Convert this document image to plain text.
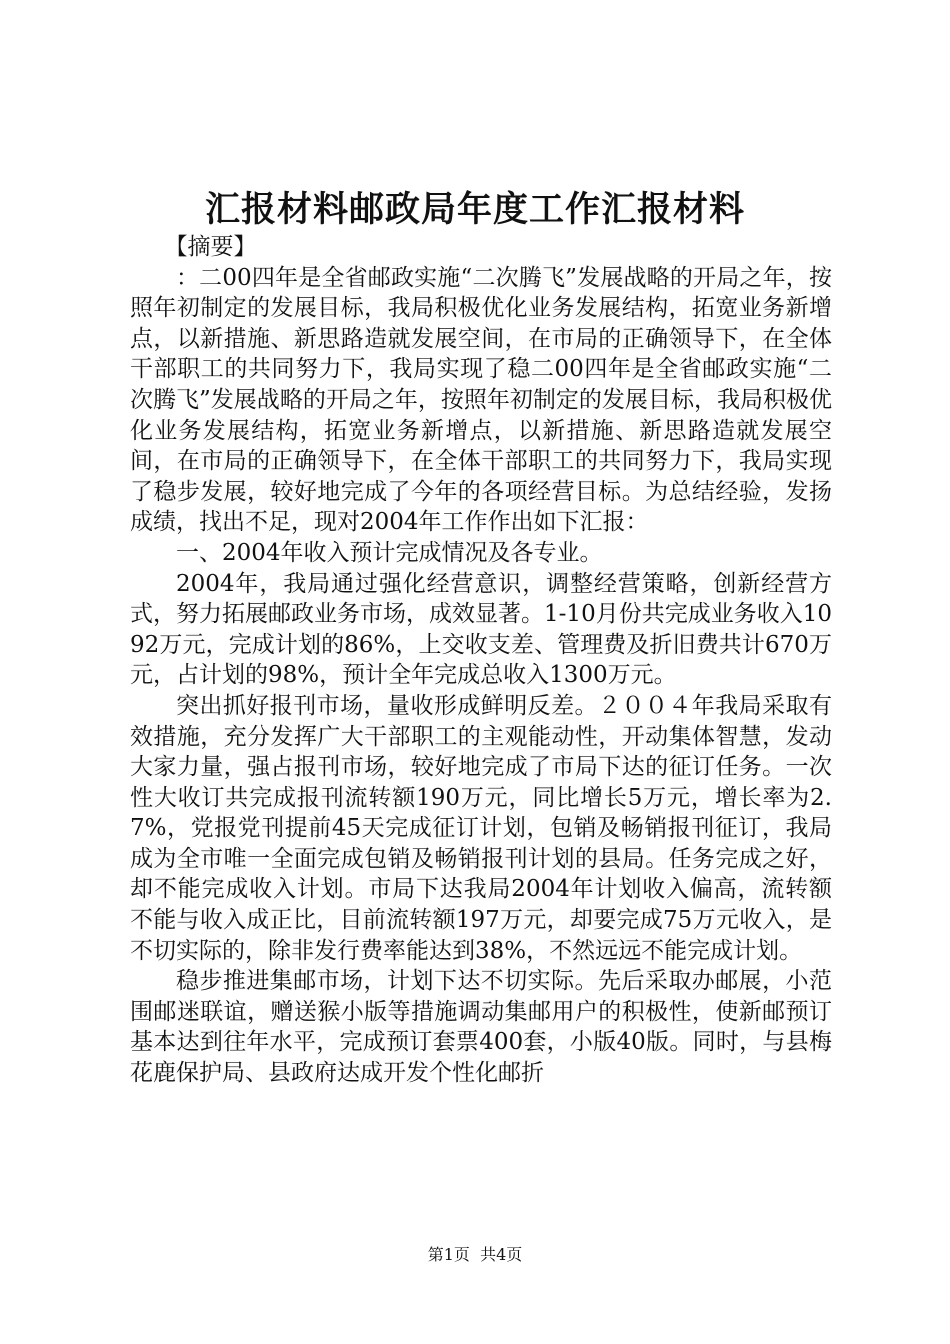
汇报材料邮政局年度工作汇报材料

【摘要】

：二00四年是全省邮政实施“二次腾飞”发展战略的开局之年，按照年初制定的发展目标，我局积极优化业务发展结构，拓宽业务新增点，以新措施、新思路造就发展空间，在市局的正确领导下，在全体干部职工的共同努力下，我局实现了稳二00四年是全省邮政实施“二次腾飞”发展战略的开局之年，按照年初制定的发展目标，我局积极优化业务发展结构，拓宽业务新增点，以新措施、新思路造就发展空间，在市局的正确领导下，在全体干部职工的共同努力下，我局实现了稳步发展，较好地完成了今年的各项经营目标。为总结经验，发扬成绩，找出不足，现对2004年工作作出如下汇报：

一、2004年收入预计完成情况及各专业。

2004年，我局通过强化经营意识，调整经营策略，创新经营方式，努力拓展邮政业务市场，成效显著。1-10月份共完成业务收入1092万元，完成计划的86%，上交收支差、管理费及折旧费共计670万元，占计划的98%，预计全年完成总收入1300万元。

突出抓好报刊市场，量收形成鲜明反差。２００４年我局采取有效措施，充分发挥广大干部职工的主观能动性，开动集体智慧，发动大家力量，强占报刊市场，较好地完成了市局下达的征订任务。一次性大收订共完成报刊流转额190万元，同比增长5万元，增长率为2.7%，党报党刊提前45天完成征订计划，包销及畅销报刊征订，我局成为全市唯一全面完成包销及畅销报刊计划的县局。任务完成之好，却不能完成收入计划。市局下达我局2004年计划收入偏高，流转额不能与收入成正比，目前流转额197万元，却要完成75万元收入，是不切实际的，除非发行费率能达到38%，不然远远不能完成计划。

稳步推进集邮市场，计划下达不切实际。先后采取办邮展，小范围邮迷联谊，赠送猴小版等措施调动集邮用户的积极性，使新邮预订基本达到往年水平，完成预订套票400套，小版40版。同时，与县梅花鹿保护局、县政府达成开发个性化邮折

第1页 共4页
